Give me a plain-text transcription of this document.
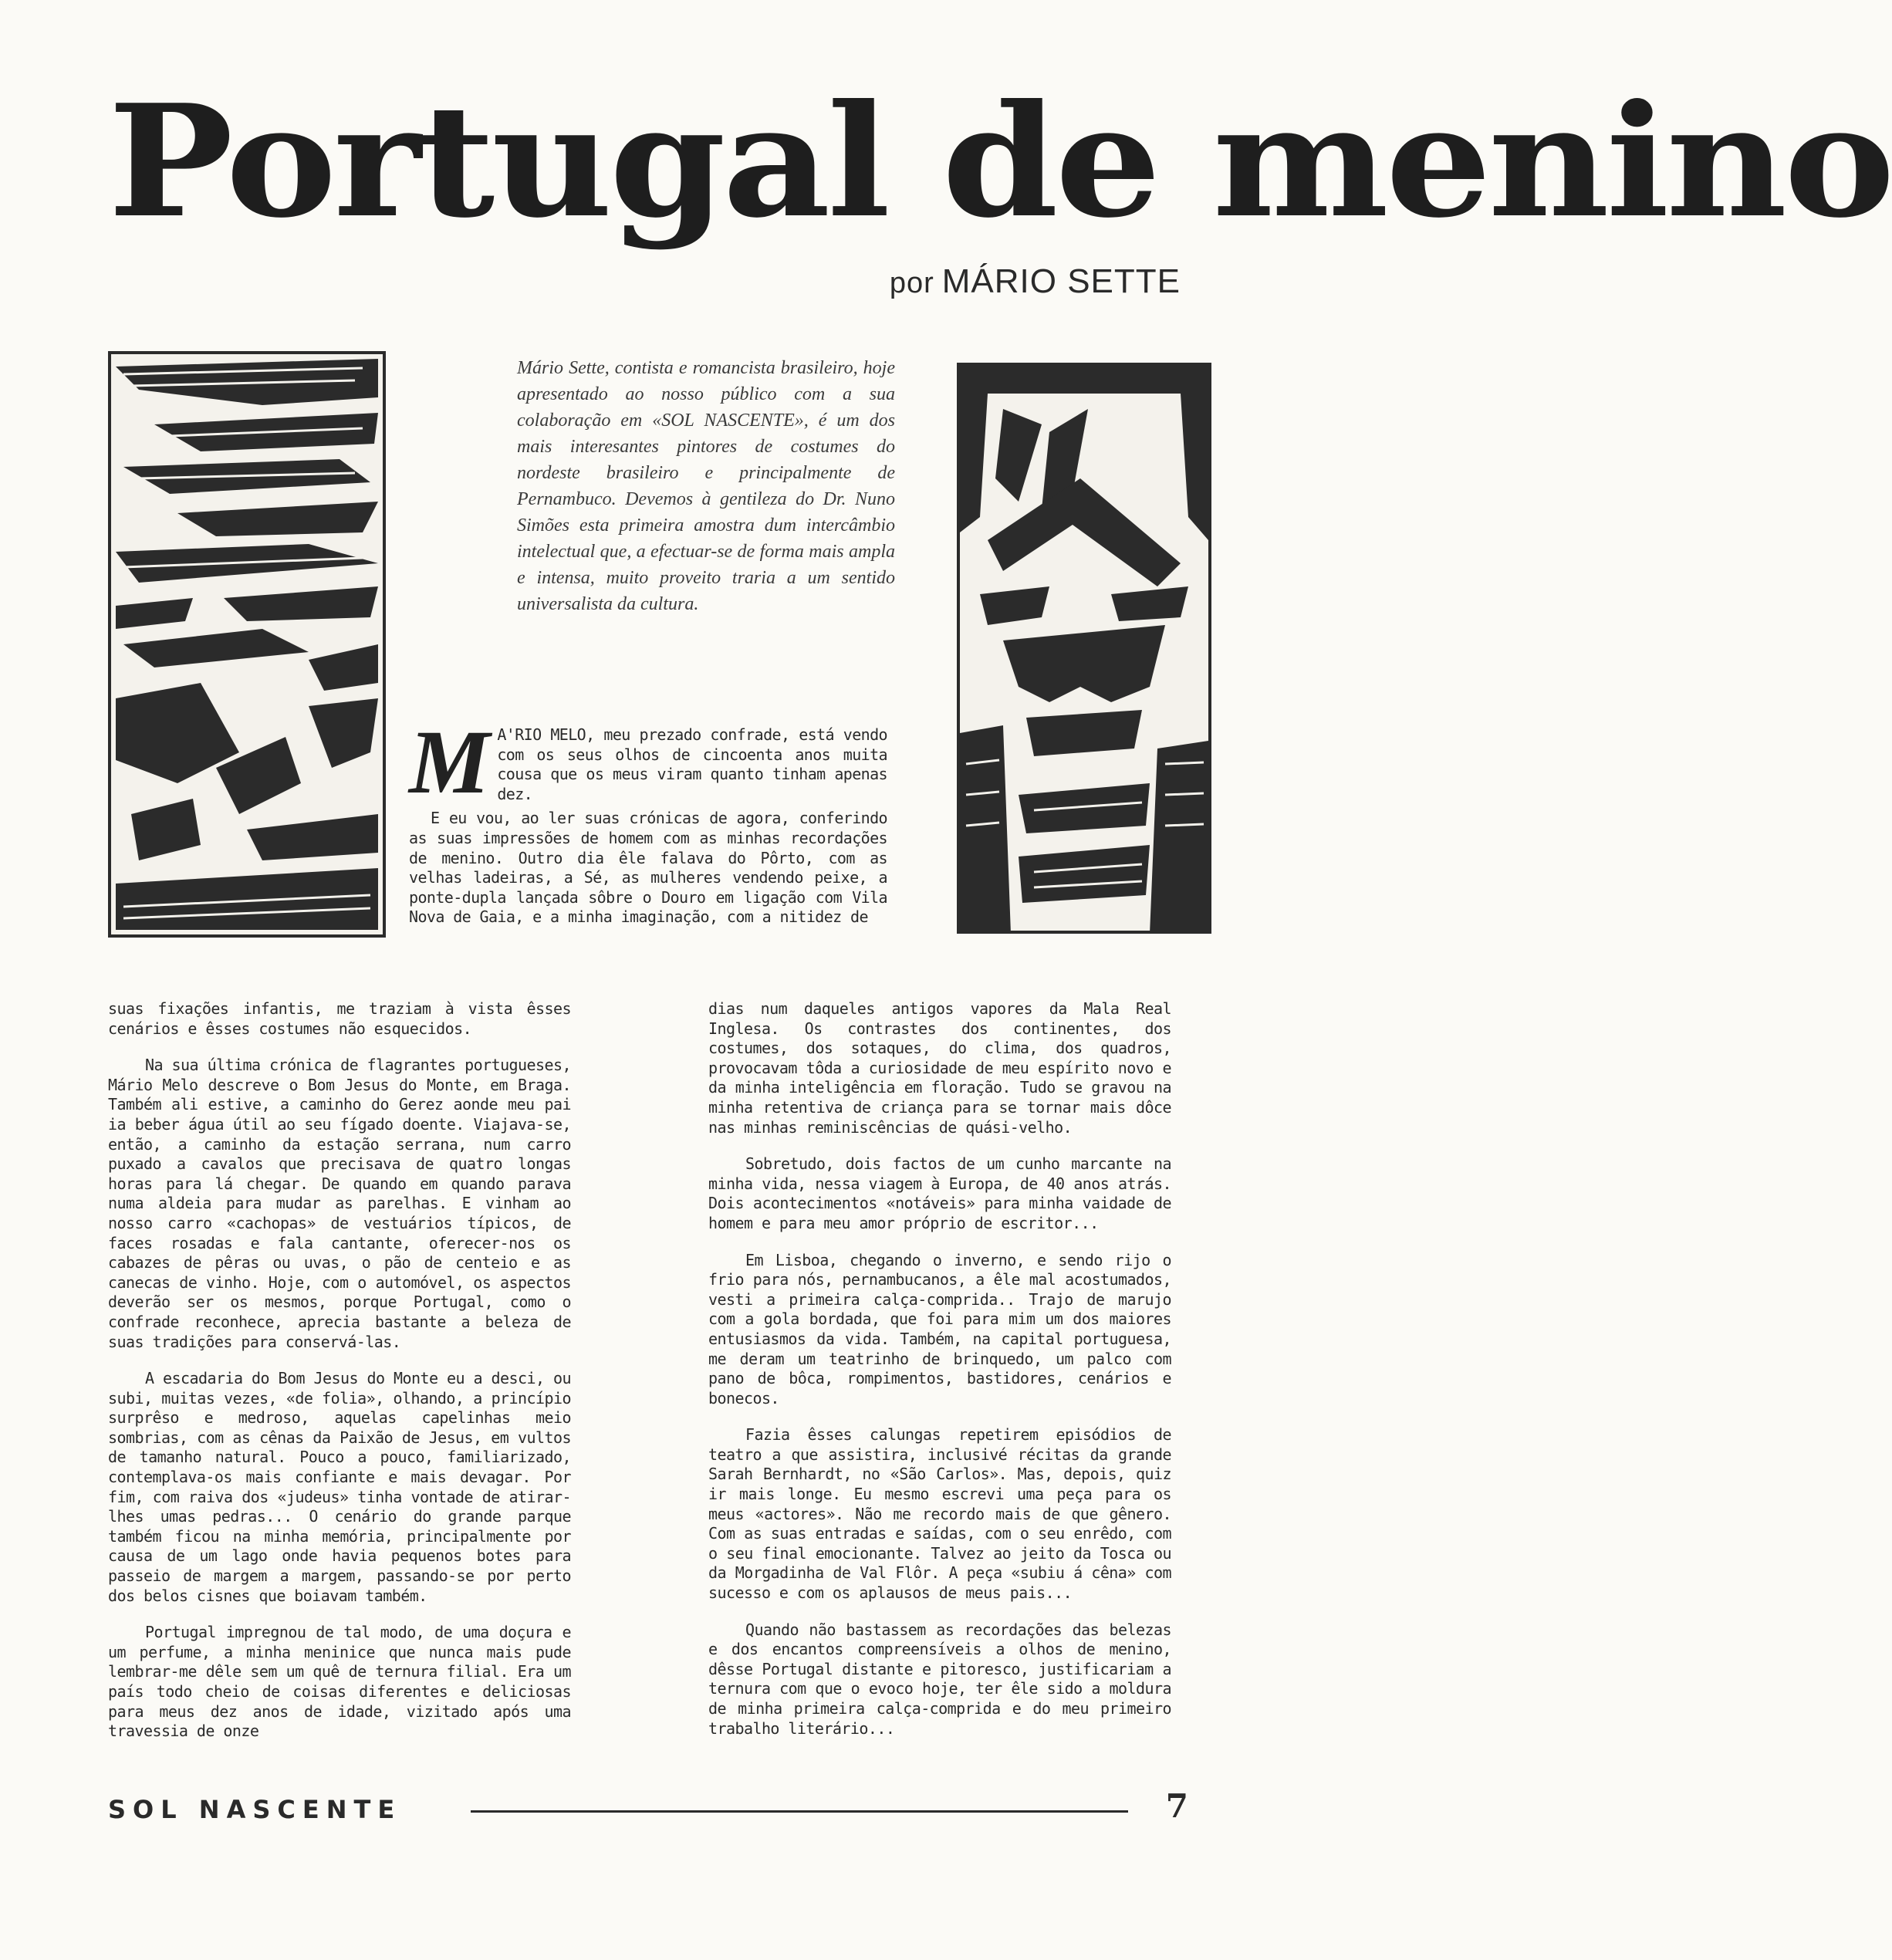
Portugal de menino
por MÁRIO SETTE
Mário Sette, contista e romancista brasileiro, hoje apresentado ao nosso público com a sua colaboração em «SOL NASCENTE», é um dos mais interesantes pintores de costumes do nordeste brasileiro e principalmente de Pernambuco. Devemos à gentileza do Dr. Nuno Simões esta primeira amostra dum intercâmbio intelectual que, a efectuar-se de forma mais ampla e intensa, muito proveito traria a um sentido universalista da cultura.
M A'RIO MELO, meu prezado confrade, está vendo com os seus olhos de cincoenta anos muita cousa que os meus viram quanto tinham apenas dez.

E eu vou, ao ler suas crónicas de agora, conferindo as suas impressões de homem com as minhas recordações de menino. Outro dia êle falava do Pôrto, com as velhas ladeiras, a Sé, as mulheres vendendo peixe, a ponte-dupla lançada sôbre o Douro em ligação com Vila Nova de Gaia, e a minha imaginação, com a nitidez de

suas fixações infantis, me traziam à vista êsses cenários e êsses costumes não esquecidos.

Na sua última crónica de flagrantes portugueses, Mário Melo descreve o Bom Jesus do Monte, em Braga. Também ali estive, a caminho do Gerez aonde meu pai ia beber água útil ao seu fígado doente. Viajava-se, então, a caminho da estação serrana, num carro puxado a cavalos que precisava de quatro longas horas para lá chegar. De quando em quando parava numa aldeia para mudar as parelhas. E vinham ao nosso carro «cachopas» de vestuários típicos, de faces rosadas e fala cantante, oferecer-nos os cabazes de pêras ou uvas, o pão de centeio e as canecas de vinho. Hoje, com o automóvel, os aspectos deverão ser os mesmos, porque Portugal, como o confrade reconhece, aprecia bastante a beleza de suas tradições para conservá-las.

A escadaria do Bom Jesus do Monte eu a desci, ou subi, muitas vezes, «de folia», olhando, a princípio surprêso e medroso, aquelas capelinhas meio sombrias, com as cênas da Paixão de Jesus, em vultos de tamanho natural. Pouco a pouco, familiarizado, contemplava-os mais confiante e mais devagar. Por fim, com raiva dos «judeus» tinha vontade de atirar-lhes umas pedras... O cenário do grande parque também ficou na minha memória, principalmente por causa de um lago onde havia pequenos botes para passeio de margem a margem, passando-se por perto dos belos cisnes que boiavam também.

Portugal impregnou de tal modo, de uma doçura e um perfume, a minha meninice que nunca mais pude lembrar-me dêle sem um quê de ternura filial. Era um país todo cheio de coisas diferentes e deliciosas para meus dez anos de idade, vizitado após uma travessia de onze

dias num daqueles antigos vapores da Mala Real Inglesa. Os contrastes dos continentes, dos costumes, dos sotaques, do clima, dos quadros, provocavam tôda a curiosidade de meu espírito novo e da minha inteligência em floração. Tudo se gravou na minha retentiva de criança para se tornar mais dôce nas minhas reminiscências de quási-velho.

Sobretudo, dois factos de um cunho marcante na minha vida, nessa viagem à Europa, de 40 anos atrás. Dois acontecimentos «notáveis» para minha vaidade de homem e para meu amor próprio de escritor...

Em Lisboa, chegando o inverno, e sendo rijo o frio para nós, pernambucanos, a êle mal acostumados, vesti a primeira calça-comprida.. Trajo de marujo com a gola bordada, que foi para mim um dos maiores entusiasmos da vida. Também, na capital portuguesa, me deram um teatrinho de brinquedo, um palco com pano de bôca, rompimentos, bastidores, cenários e bonecos.

Fazia êsses calungas repetirem episódios de teatro a que assistira, inclusivé récitas da grande Sarah Bernhardt, no «São Carlos». Mas, depois, quiz ir mais longe. Eu mesmo escrevi uma peça para os meus «actores». Não me recordo mais de que gênero. Com as suas entradas e saídas, com o seu enrêdo, com o seu final emocionante. Talvez ao jeito da Tosca ou da Morgadinha de Val Flôr. A peça «subiu á cêna» com sucesso e com os aplausos de meus pais...

Quando não bastassem as recordações das belezas e dos encantos compreensíveis a olhos de menino, dêsse Portugal distante e pitoresco, justificariam a ternura com que o evoco hoje, ter êle sido a moldura de minha primeira calça-comprida e do meu primeiro trabalho literário...

SOL NASCENTE	7
